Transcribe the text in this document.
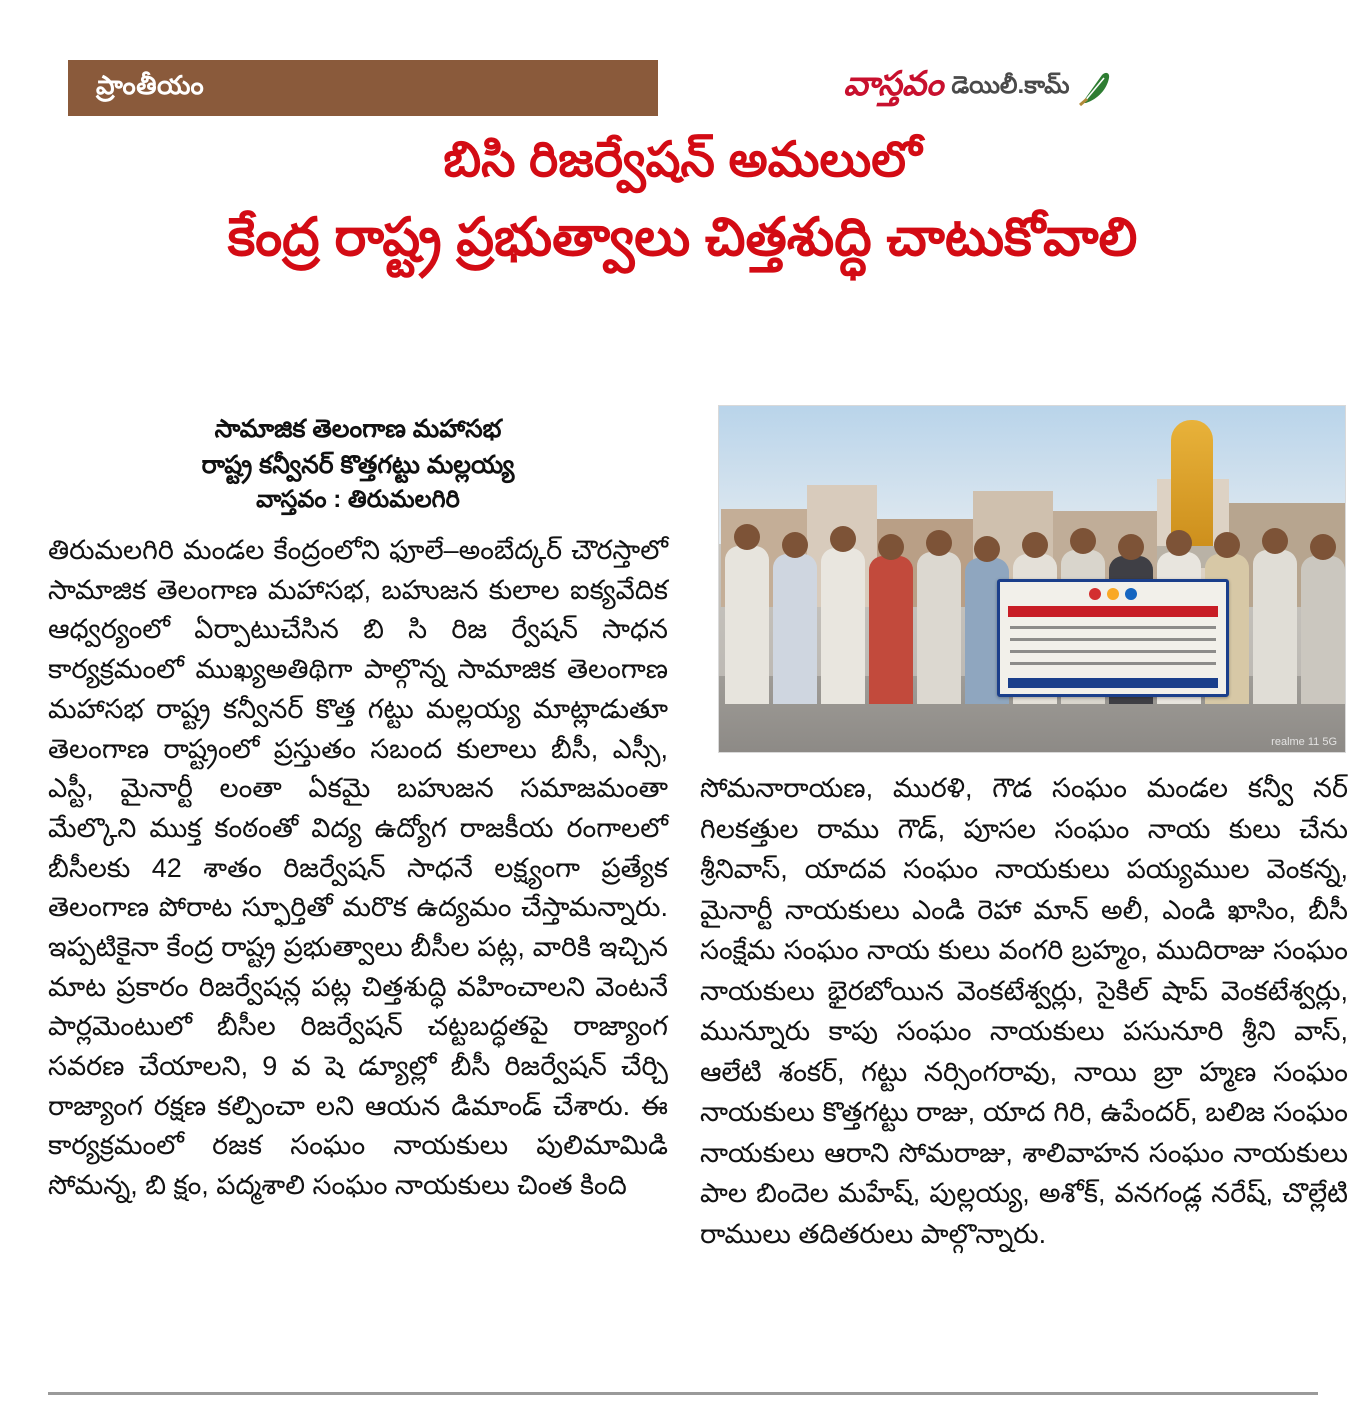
ప్రాంతీయం	వాస్తవం డెయిలీ.కామ్
బిసి రిజర్వేషన్ అమలులో
కేంద్ర రాష్ట్ర ప్రభుత్వాలు చిత్తశుద్ధి చాటుకోవాలి
సామాజిక తెలంగాణ మహాసభ
రాష్ట్ర కన్వీనర్ కొత్తగట్టు మల్లయ్య
వాస్తవం : తిరుమలగిరి
తిరుమలగిరి మండల కేంద్రంలోని ఫూలే–అంబేద్కర్ చౌరస్తాలో సామాజిక తెలంగాణ మహాసభ, బహుజన కులాల ఐక్యవేదిక ఆధ్వర్యంలో ఏర్పాటుచేసిన బి సి రిజ ర్వేషన్ సాధన కార్యక్రమంలో ముఖ్యఅతిథిగా పాల్గొన్న సామాజిక తెలంగాణ మహాసభ రాష్ట్ర కన్వీనర్ కొత్త గట్టు మల్లయ్య మాట్లాడుతూ తెలంగాణ రాష్ట్రంలో ప్రస్తుతం సబంద కులాలు బీసీ, ఎస్సీ, ఎస్టీ, మైనార్టీ లంతా ఏకమై బహుజన సమాజమంతా మేల్కొని ముక్త కంఠంతో విద్య ఉద్యోగ రాజకీయ రంగాలలో బీసీలకు 42 శాతం రిజర్వేషన్ సాధనే లక్ష్యంగా ప్రత్యేక తెలంగాణ పోరాట స్ఫూర్తితో మరొక ఉద్యమం చేస్తామన్నారు. ఇప్పటికైనా కేంద్ర రాష్ట్ర ప్రభుత్వాలు బీసీల పట్ల, వారికి ఇచ్చిన మాట ప్రకారం రిజర్వేషన్ల పట్ల చిత్తశుద్ధి వహించాలని వెంటనే పార్లమెంటులో బీసీల రిజర్వేషన్ చట్టబద్ధతపై రాజ్యాంగ సవరణ చేయాలని, 9 వ షె డ్యూల్లో బీసీ రిజర్వేషన్ చేర్చి రాజ్యాంగ రక్షణ కల్పించా లని ఆయన డిమాండ్ చేశారు. ఈ కార్యక్రమంలో రజక సంఘం నాయకులు పులిమామిడి సోమన్న, బి క్షం, పద్మశాలి సంఘం నాయకులు చింత కింది
realme 11 5G
సోమనారాయణ, మురళి, గౌడ సంఘం మండల కన్వీ నర్ గిలకత్తుల రాము గౌడ్, పూసల సంఘం నాయ కులు చేను శ్రీనివాస్, యాదవ సంఘం నాయకులు పయ్యముల వెంకన్న, మైనార్టీ నాయకులు ఎండి రెహా మాన్ అలీ, ఎండి ఖాసిం, బీసీ సంక్షేమ సంఘం నాయ కులు వంగరి బ్రహ్మం, ముదిరాజు సంఘం నాయకులు భైరబోయిన వెంకటేశ్వర్లు, సైకిల్ షాప్ వెంకటేశ్వర్లు, మున్నూరు కాపు సంఘం నాయకులు పసునూరి శ్రీని వాస్, ఆలేటి శంకర్, గట్టు నర్సింగరావు, నాయి బ్రా హ్మణ సంఘం నాయకులు కొత్తగట్టు రాజు, యాద గిరి, ఉపేందర్, బలిజ సంఘం నాయకులు ఆరాని సోమరాజు, శాలివాహన సంఘం నాయకులు పాల బిందెల మహేష్, పుల్లయ్య, అశోక్, వనగండ్ల నరేష్, చొల్లేటి రాములు తదితరులు పాల్గొన్నారు.
